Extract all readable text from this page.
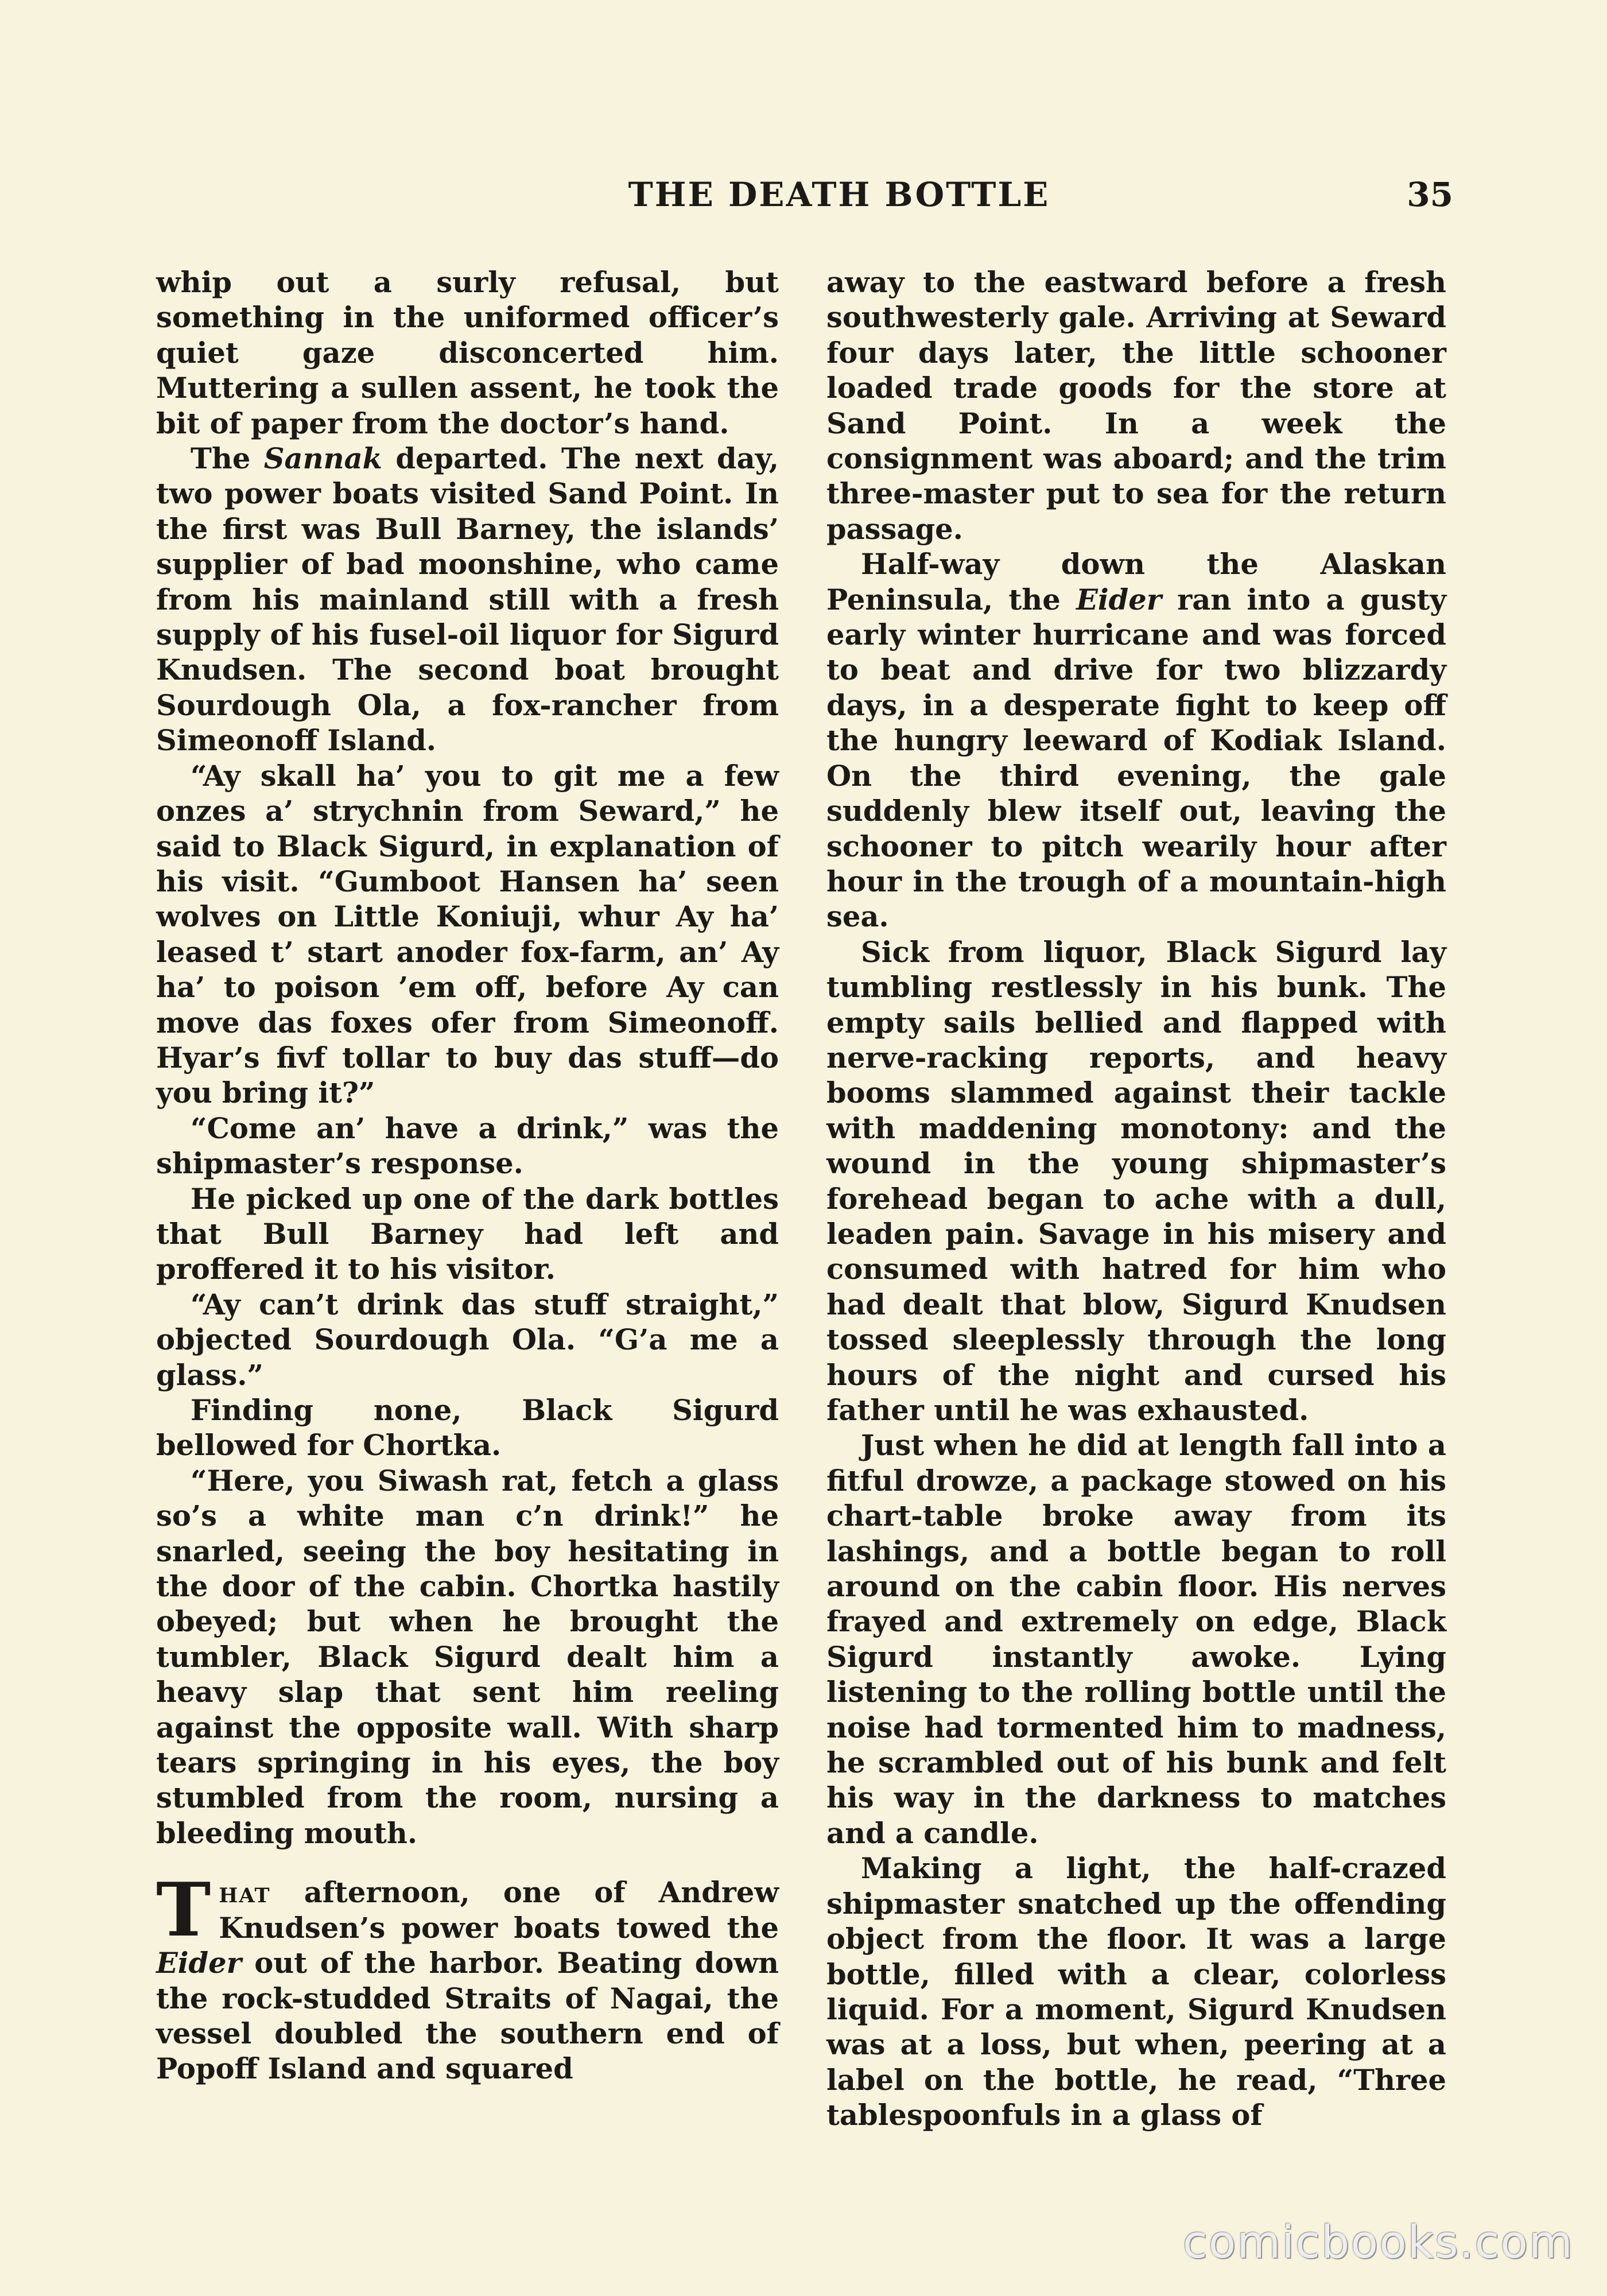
THE DEATH BOTTLE	35

whip out a surly refusal, but something in the uniformed officer’s quiet gaze disconcerted him. Muttering a sullen assent, he took the bit of paper from the doctor’s hand.

The Sannak departed. The next day, two power boats visited Sand Point. In the first was Bull Barney, the islands’ supplier of bad moonshine, who came from his mainland still with a fresh supply of his fusel-oil liquor for Sigurd Knudsen. The second boat brought Sourdough Ola, a fox-rancher from Simeonoff Island.

“Ay skall ha’ you to git me a few onzes a’ strychnin from Seward,” he said to Black Sigurd, in explanation of his visit. “Gumboot Hansen ha’ seen wolves on Little Koniuji, whur Ay ha’ leased t’ start anoder fox-farm, an’ Ay ha’ to poison ’em off, before Ay can move das foxes ofer from Simeonoff. Hyar’s fivf tollar to buy das stuff—do you bring it?”

“Come an’ have a drink,” was the shipmaster’s response.

He picked up one of the dark bottles that Bull Barney had left and proffered it to his visitor.

“Ay can’t drink das stuff straight,” objected Sourdough Ola. “G’a me a glass.”

Finding none, Black Sigurd bellowed for Chortka.

“Here, you Siwash rat, fetch a glass so’s a white man c’n drink!” he snarled, seeing the boy hesitating in the door of the cabin. Chortka hastily obeyed; but when he brought the tumbler, Black Sigurd dealt him a heavy slap that sent him reeling against the opposite wall. With sharp tears springing in his eyes, the boy stumbled from the room, nursing a bleeding mouth.

That afternoon, one of Andrew Knudsen’s power boats towed the Eider out of the harbor. Beating down the rock-studded Straits of Nagai, the vessel doubled the southern end of Popoff Island and squared

away to the eastward before a fresh southwesterly gale. Arriving at Seward four days later, the little schooner loaded trade goods for the store at Sand Point. In a week the consignment was aboard; and the trim three-master put to sea for the return passage.

Half-way down the Alaskan Peninsula, the Eider ran into a gusty early winter hurricane and was forced to beat and drive for two blizzardy days, in a desperate fight to keep off the hungry leeward of Kodiak Island. On the third evening, the gale suddenly blew itself out, leaving the schooner to pitch wearily hour after hour in the trough of a mountain-high sea.

Sick from liquor, Black Sigurd lay tumbling restlessly in his bunk. The empty sails bellied and flapped with nerve-racking reports, and heavy booms slammed against their tackle with maddening monotony: and the wound in the young shipmaster’s forehead began to ache with a dull, leaden pain. Savage in his misery and consumed with hatred for him who had dealt that blow, Sigurd Knudsen tossed sleeplessly through the long hours of the night and cursed his father until he was exhausted.

Just when he did at length fall into a fitful drowze, a package stowed on his chart-table broke away from its lashings, and a bottle began to roll around on the cabin floor. His nerves frayed and extremely on edge, Black Sigurd instantly awoke. Lying listening to the rolling bottle until the noise had tormented him to madness, he scrambled out of his bunk and felt his way in the darkness to matches and a candle.

Making a light, the half-crazed shipmaster snatched up the offending object from the floor. It was a large bottle, filled with a clear, colorless liquid. For a moment, Sigurd Knudsen was at a loss, but when, peering at a label on the bottle, he read, “Three tablespoonfuls in a glass of

comicbooks.com
